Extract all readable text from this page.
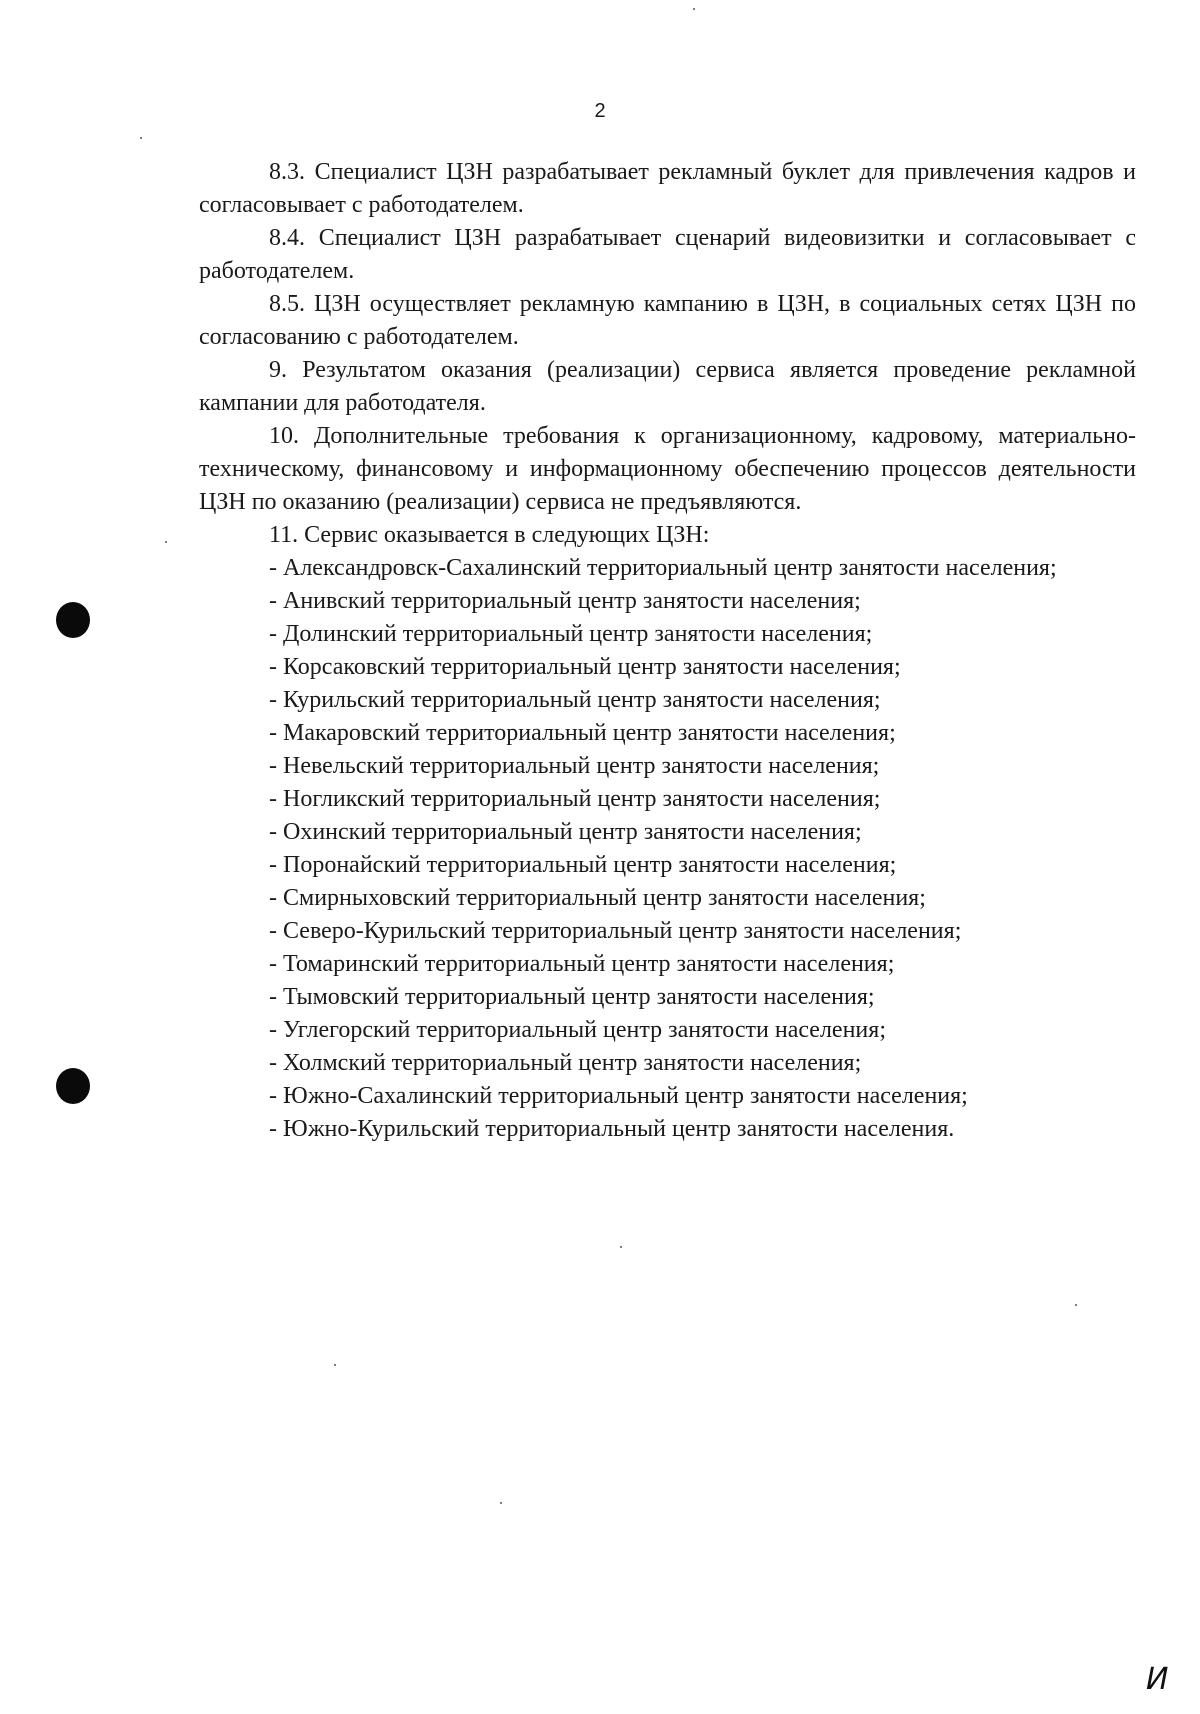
2

8.3. Специалист ЦЗН разрабатывает рекламный буклет для привлечения кадров и согласовывает с работодателем.

8.4. Специалист ЦЗН разрабатывает сценарий видеовизитки и согласовывает с работодателем.

8.5. ЦЗН осуществляет рекламную кампанию в ЦЗН, в социальных сетях ЦЗН по согласованию с работодателем.

9. Результатом оказания (реализации) сервиса является проведение рекламной кампании для работодателя.

10. Дополнительные требования к организационному, кадровому, материально-техническому, финансовому и информационному обеспечению процессов деятельности ЦЗН по оказанию (реализации) сервиса не предъявляются.

11. Сервис оказывается в следующих ЦЗН:

- Александровск-Сахалинский территориальный центр занятости населения;

- Анивский территориальный центр занятости населения;

- Долинский территориальный центр занятости населения;

- Корсаковский территориальный центр занятости населения;

- Курильский территориальный центр занятости населения;

- Макаровский территориальный центр занятости населения;

- Невельский территориальный центр занятости населения;

- Ногликский территориальный центр занятости населения;

- Охинский территориальный центр занятости населения;

- Поронайский территориальный центр занятости населения;

- Смирныховский территориальный центр занятости населения;

- Северо-Курильский территориальный центр занятости населения;

- Томаринский территориальный центр занятости населения;

- Тымовский территориальный центр занятости населения;

- Углегорский территориальный центр занятости населения;

- Холмский территориальный центр занятости населения;

- Южно-Сахалинский территориальный центр занятости населения;

- Южно-Курильский территориальный центр занятости населения.

И
